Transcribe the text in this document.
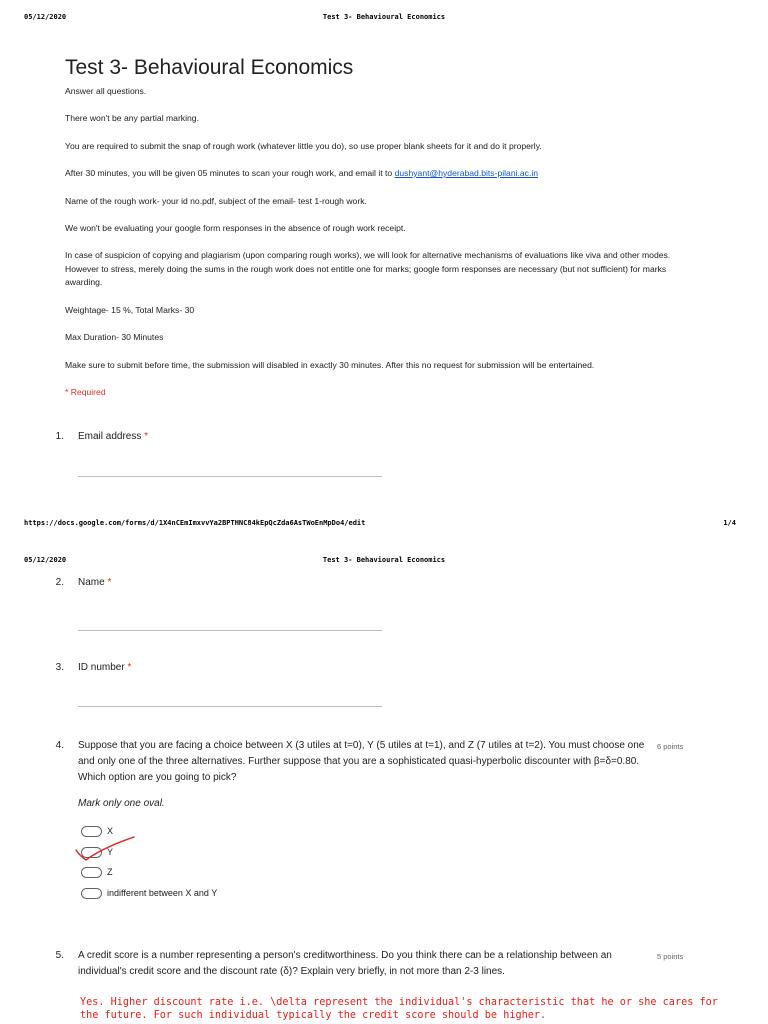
05/12/2020	Test 3- Behavioural Economics
Test 3- Behavioural Economics
Answer all questions.
There won't be any partial marking.
You are required to submit the snap of rough work (whatever little you do), so use proper blank sheets for it and do it properly.
After 30 minutes, you will be given 05 minutes to scan your rough work, and email it to dushyant@hyderabad.bits-pilani.ac.in
Name of the rough work- your id no.pdf, subject of the email- test 1-rough work.
We won't be evaluating your google form responses in the absence of rough work receipt.
In case of suspicion of copying and plagiarism (upon comparing rough works), we will look for alternative mechanisms of evaluations like viva and other modes. However to stress, merely doing the sums in the rough work does not entitle one for marks; google form responses are necessary (but not sufficient) for marks awarding.
Weightage- 15 %, Total Marks- 30
Max Duration- 30 Minutes
Make sure to submit before time, the submission will disabled in exactly 30 minutes. After this no request for submission will be entertained.
* Required
1. Email address *
https://docs.google.com/forms/d/1X4nCEmImxvvYa2BPTHNC84kEpQcZda6AsTWoEnMpDo4/edit	1/4
05/12/2020	Test 3- Behavioural Economics
2. Name *
3. ID number *
4. Suppose that you are facing a choice between X (3 utiles at t=0), Y (5 utiles at t=1), and Z (7 utiles at t=2). You must choose one and only one of the three alternatives. Further suppose that you are a sophisticated quasi-hyperbolic discounter with β=δ=0.80. Which option are you going to pick?
6 points
Mark only one oval.
X
Y
Z
indifferent between X and Y
5. A credit score is a number representing a person's creditworthiness. Do you think there can be a relationship between an individual's credit score and the discount rate (δ)? Explain very briefly, in not more than 2-3 lines.
5 points
Yes. Higher discount rate i.e. \delta represent the individual's characteristic that he or she cares for the future. For such individual typically the credit score should be higher.
